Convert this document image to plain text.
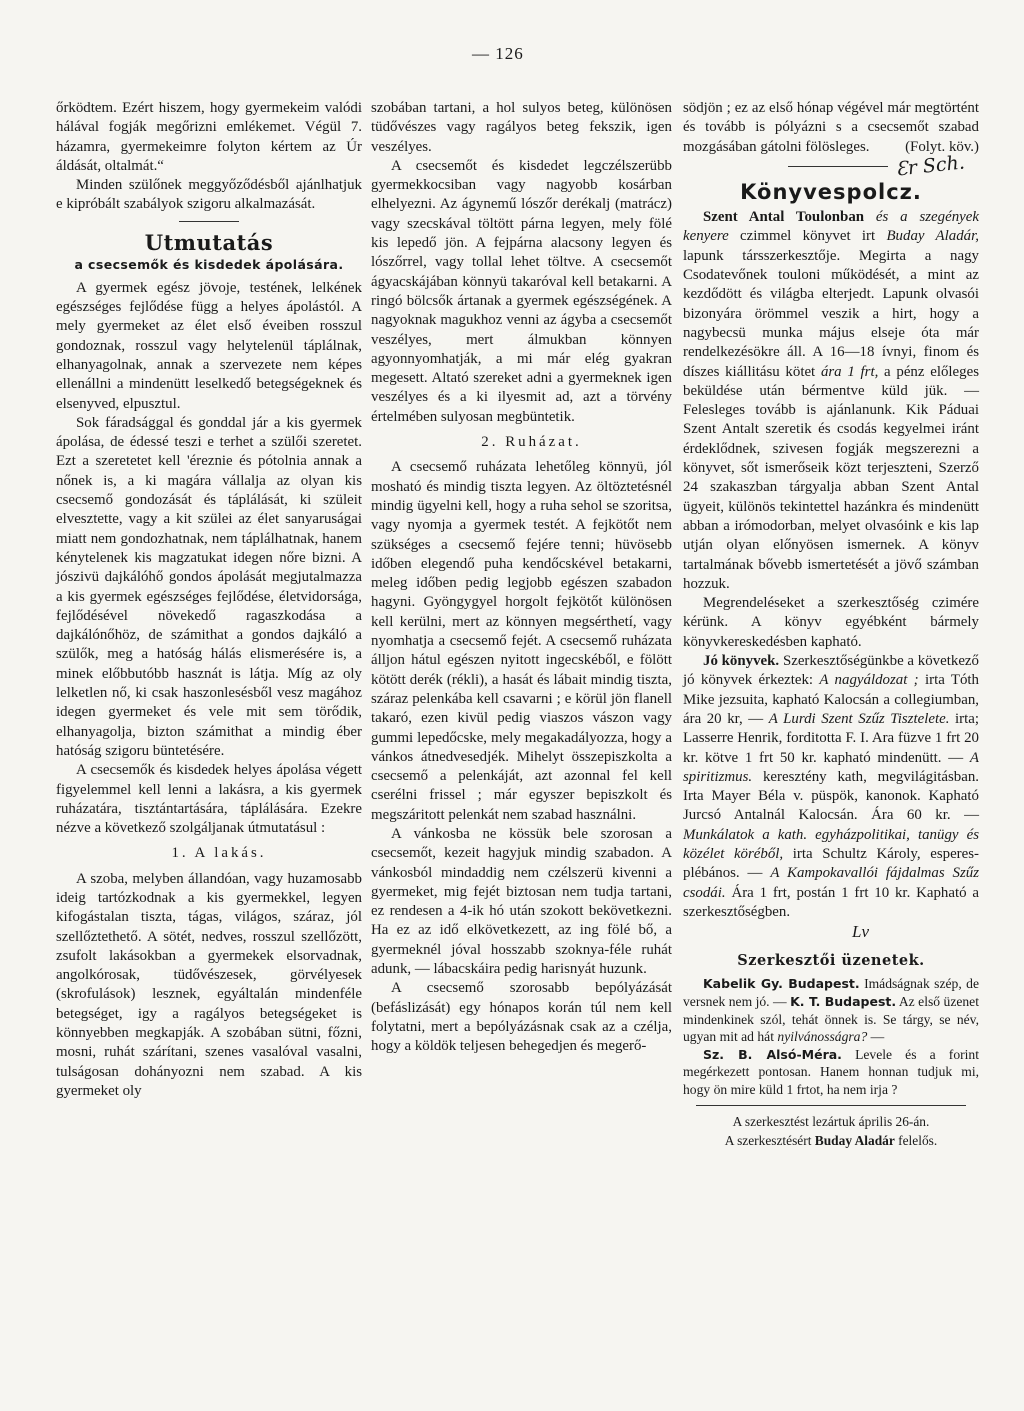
— 126

őrködtem. Ezért hiszem, hogy gyermekeim valódi hálával fogják megőrizni emlékemet. Végül 7. házamra, gyermekeimre folyton kértem az Úr áldását, oltalmát.“

Minden szülőnek meggyőződésből ajánlhatjuk e kipróbált szabályok szigoru alkalmazását.

Utmutatás
a csecsemők és kisdedek ápolására.

A gyermek egész jövoje, testének, lelkének egészséges fejlődése függ a helyes ápolástól. A mely gyermeket az élet első éveiben rosszul gondoznak, rosszul vagy helytelenül táplálnak, elhanyagolnak, annak a szervezete nem képes ellenállni a mindenütt leselkedő betegségeknek és elsenyved, elpusztul.

Sok fáradsággal és gonddal jár a kis gyermek ápolása, de édessé teszi e terhet a szülői szeretet. Ezt a szeretetet kell 'éreznie és pótolnia annak a nőnek is, a ki magára vállalja az olyan kis csecsemő gondozását és táplálását, ki szüleit elvesztette, vagy a kit szülei az élet sanyaruságai miatt nem gondozhatnak, nem táplálhatnak, hanem kénytelenek kis magzatukat idegen nőre bizni. A jószivü dajkálóhő gondos ápolását megjutalmazza a kis gyermek egészséges fejlődése, életvidorsága, fejlődésével növekedő ragaszkodása a dajkálónőhöz, de számithat a gondos dajkáló a szülők, meg a hatóság hálás elismerésére is, a minek előbbutóbb hasznát is látja. Míg az oly lelketlen nő, ki csak haszonlesésből vesz magához idegen gyermeket és vele mit sem törődik, elhanyagolja, bizton számithat a mindig éber hatóság szigoru büntetésére.

A csecsemők és kisdedek helyes ápolása végett figyelemmel kell lenni a lakásra, a kis gyermek ruházatára, tisztántartására, táplálására. Ezekre nézve a következő szolgáljanak útmutatásul :

1. A lakás.

A szoba, melyben állandóan, vagy huzamosabb ideig tartózkodnak a kis gyermekkel, legyen kifogástalan tiszta, tágas, világos, száraz, jól szellőztethető. A sötét, nedves, rosszul szellőzött, zsufolt lakásokban a gyermekek elsorvadnak, angolkórosak, tüdővészesek, görvélyesek (skrofulások) lesznek, egyáltalán mindenféle betegséget, igy a ragályos betegségeket is könnyebben megkapják. A szobában sütni, főzni, mosni, ruhát szárítani, szenes vasalóval vasalni, tulságosan dohányozni nem szabad. A kis gyermeket oly

szobában tartani, a hol sulyos beteg, különösen tüdővészes vagy ragályos beteg fekszik, igen veszélyes.

A csecsemőt és kisdedet legczélszerübb gyermekkocsiban vagy nagyobb kosárban elhelyezni. Az ágynemű lószőr derékalj (matrácz) vagy szecskával töltött párna legyen, mely fölé kis lepedő jön. A fejpárna alacsony legyen és lószőrrel, vagy tollal lehet töltve. A csecsemőt ágyacskájában könnyü takaróval kell betakarni. A ringó bölcsők ártanak a gyermek egészségének. A nagyoknak magukhoz venni az ágyba a csecsemőt veszélyes, mert álmukban könnyen agyonnyomhatják, a mi már elég gyakran megesett. Altató szereket adni a gyermeknek igen veszélyes és a ki ilyesmit ad, azt a törvény értelmében sulyosan megbüntetik.

2. Ruházat.

A csecsemő ruházata lehetőleg könnyü, jól mosható és mindig tiszta legyen. Az öltöztetésnél mindig ügyelni kell, hogy a ruha sehol se szoritsa, vagy nyomja a gyermek testét. A fejkötőt nem szükséges a csecsemő fejére tenni; hüvösebb időben elegendő puha kendőcskével betakarni, meleg időben pedig legjobb egészen szabadon hagyni. Gyöngygyel horgolt fejkötőt különösen kell kerülni, mert az könnyen megsérthetí, vagy nyomhatja a csecsemő fejét. A csecsemő ruházata álljon hátul egészen nyitott ingecskéből, e fölött kötött derék (rékli), a hasát és lábait mindig tiszta, száraz pelenkába kell csavarni ; e körül jön flanell takaró, ezen kivül pedig viaszos vászon vagy gummi lepedőcske, mely megakadályozza, hogy a vánkos átnedvesedjék. Mihelyt összepiszkolta a csecsemő a pelenkáját, azt azonnal fel kell cserélni frissel ; már egyszer bepiszkolt és megszáritott pelenkát nem szabad használni.

A vánkosba ne kössük bele szorosan a csecsemőt, kezeit hagyjuk mindig szabadon. A vánkosból mindaddig nem czélszerü kivenni a gyermeket, mig fejét biztosan nem tudja tartani, ez rendesen a 4-ik hó után szokott bekövetkezni. Ha ez az idő elkövetkezett, az ing fölé bő, a gyermeknél jóval hosszabb szoknya-féle ruhát adunk, — lábacskáira pedig harisnyát huzunk.

A csecsemő szorosabb bepólyázását (befáslizását) egy hónapos korán túl nem kell folytatni, mert a bepólyázásnak csak az a czélja, hogy a köldök teljesen behegedjen és megerő-

södjön ; ez az első hónap végével már megtörtént és tovább is pólyázni s a csecsemőt szabad mozgásában gátolni fölösleges. (Folyt. köv.)

Ɛr Sch.
Könyvespolcz.

Szent Antal Toulonban és a szegények kenyere czimmel könyvet irt Buday Aladár, lapunk társszerkesztője. Megirta a nagy Csodatevőnek touloni működését, a mint az kezdődött és világba elterjedt. Lapunk olvasói bizonyára örömmel veszik a hirt, hogy a nagybecsü munka május elseje óta már rendelkezésökre áll. A 16—18 ívnyi, finom és díszes kiállitásu kötet ára 1 frt, a pénz előleges beküldése után bérmentve küld jük. — Felesleges tovább is ajánlanunk. Kik Páduai Szent Antalt szeretik és csodás kegyelmei iránt érdeklődnek, szivesen fogják megszerezni a könyvet, sőt ismerőseik közt terjeszteni, Szerző 24 szakaszban tárgyalja abban Szent Antal ügyeit, különös tekintettel hazánkra és mindenütt abban a irómodorban, melyet olvasóink e kis lap utján olyan előnyösen ismernek. A könyv tartalmának bővebb ismertetését a jövő számban hozzuk.

Megrendeléseket a szerkesztőség czimére kérünk. A könyv egyébként bármely könyvkereskedésben kapható.

Jó könyvek. Szerkesztőségünkbe a következő jó könyvek érkeztek: A nagyáldozat ; irta Tóth Mike jezsuita, kapható Kalocsán a collegiumban, ára 20 kr, — A Lurdi Szent Szűz Tisztelete. irta; Lasserre Henrik, forditotta F. I. Ara füzve 1 frt 20 kr. kötve 1 frt 50 kr. kapható mindenütt. — A spiritizmus. keresztény kath, megvilágitásban. Irta Mayer Béla v. püspök, kanonok. Kapható Jurcsó Antalnál Kalocsán. Ára 60 kr. — Munkálatok a kath. egyházpolitikai, tanügy és közélet köréből, irta Schultz Károly, esperes-plébános. — A Kampokavallói fájdalmas Szűz csodái. Ára 1 frt, postán 1 frt 10 kr. Kapható a szerkesztőségben.

Lv
Szerkesztői üzenetek.

Kabelik Gy. Budapest. Imádságnak szép, de versnek nem jó. — K. T. Budapest. Az első üzenet mindenkinek szól, tehát önnek is. Se tárgy, se név, ugyan mit ad hát nyilvánosságra? —

Sz. B. Alsó-Méra. Levele és a forint megérkezett pontosan. Hanem honnan tudjuk mi, hogy ön mire küld 1 frtot, ha nem irja ?

A szerkesztést lezártuk április 26-án.

A szerkesztésért Buday Aladár felelős.
